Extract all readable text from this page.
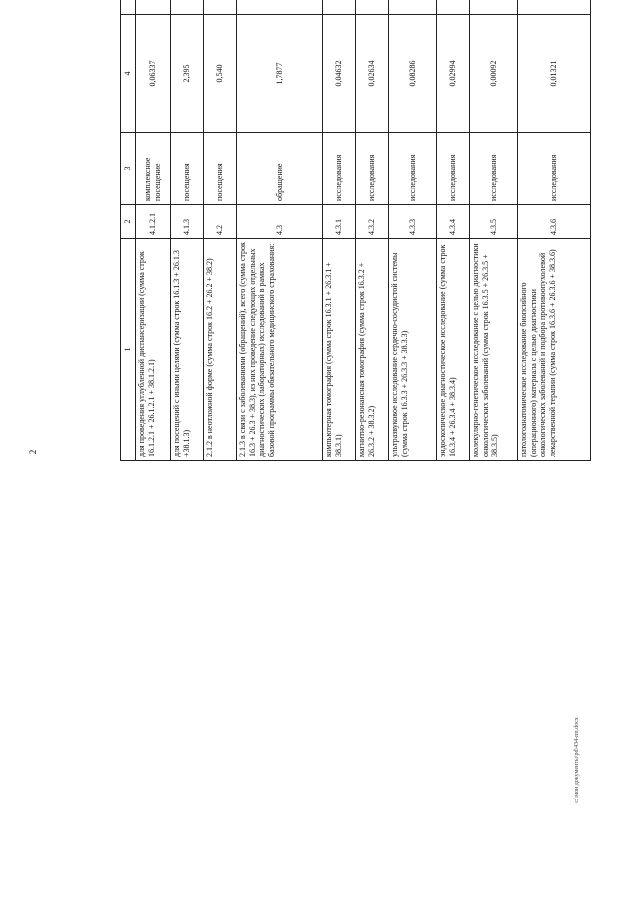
2
1	2	3	4			
для проведения углубленной диспансеризации (сумма строк 16.1.2.1 + 26.1.2.1 + 38.1.2.1)	4.1.2.1	комплексное посещение	0,06337			
для посещений с иными целями (сумма строк 16.1.3 + 26.1.3 +38.1.3)	4.1.3	посещения	2,395			
2.1.2 в неотложной форме (сумма строк 16.2 + 26.2 + 38.2)	4.2	посещения	0,540			
2.1.3 в связи с заболеваниями (обращений), всего (сумма строк 16.3 + 26.3 + 38.3), из них проведение следующих отдельных диагностических (лабораторных) исследований в рамках базовой программы обязательного медицинского страхования:	4.3	обращение	1,7877			
компьютерная томография (сумма строк 16.3.1 + 26.3.1 + 38.3.1)	4.3.1	исследования	0,04632			
магнитно-резонансная томография (сумма строк 16.3.2 + 26.3.2 + 38.3.2)	4.3.2	исследования	0,02634			
ультразвуковое исследование сердечно-сосудистой системы (сумма строк 16.3.3 + 26.3.3 + 38.3.3)	4.3.3	исследования	0,08286			
эндоскопическое диагностическое исследование (сумма строк 16.3.4 + 26.3.4 + 38.3.4)	4.3.4	исследования	0,02994			
молекулярно-генетическое исследование с целью диагностики онкологических заболеваний (сумма строк 16.3.5 + 26.3.5 + 38.3.5)	4.3.5	исследования	0,00092			
патологоанатомическое исследование биопсийного (операционного) материала с целью диагностики онкологических заболеваний и подбора противоопухолевой лекарственной терапии (сумма строк 16.3.6 + 26.3.6 + 38.3.6)	4.3.6	исследования	0,01321			
c:\мои документы\pd\434-пп.docx
